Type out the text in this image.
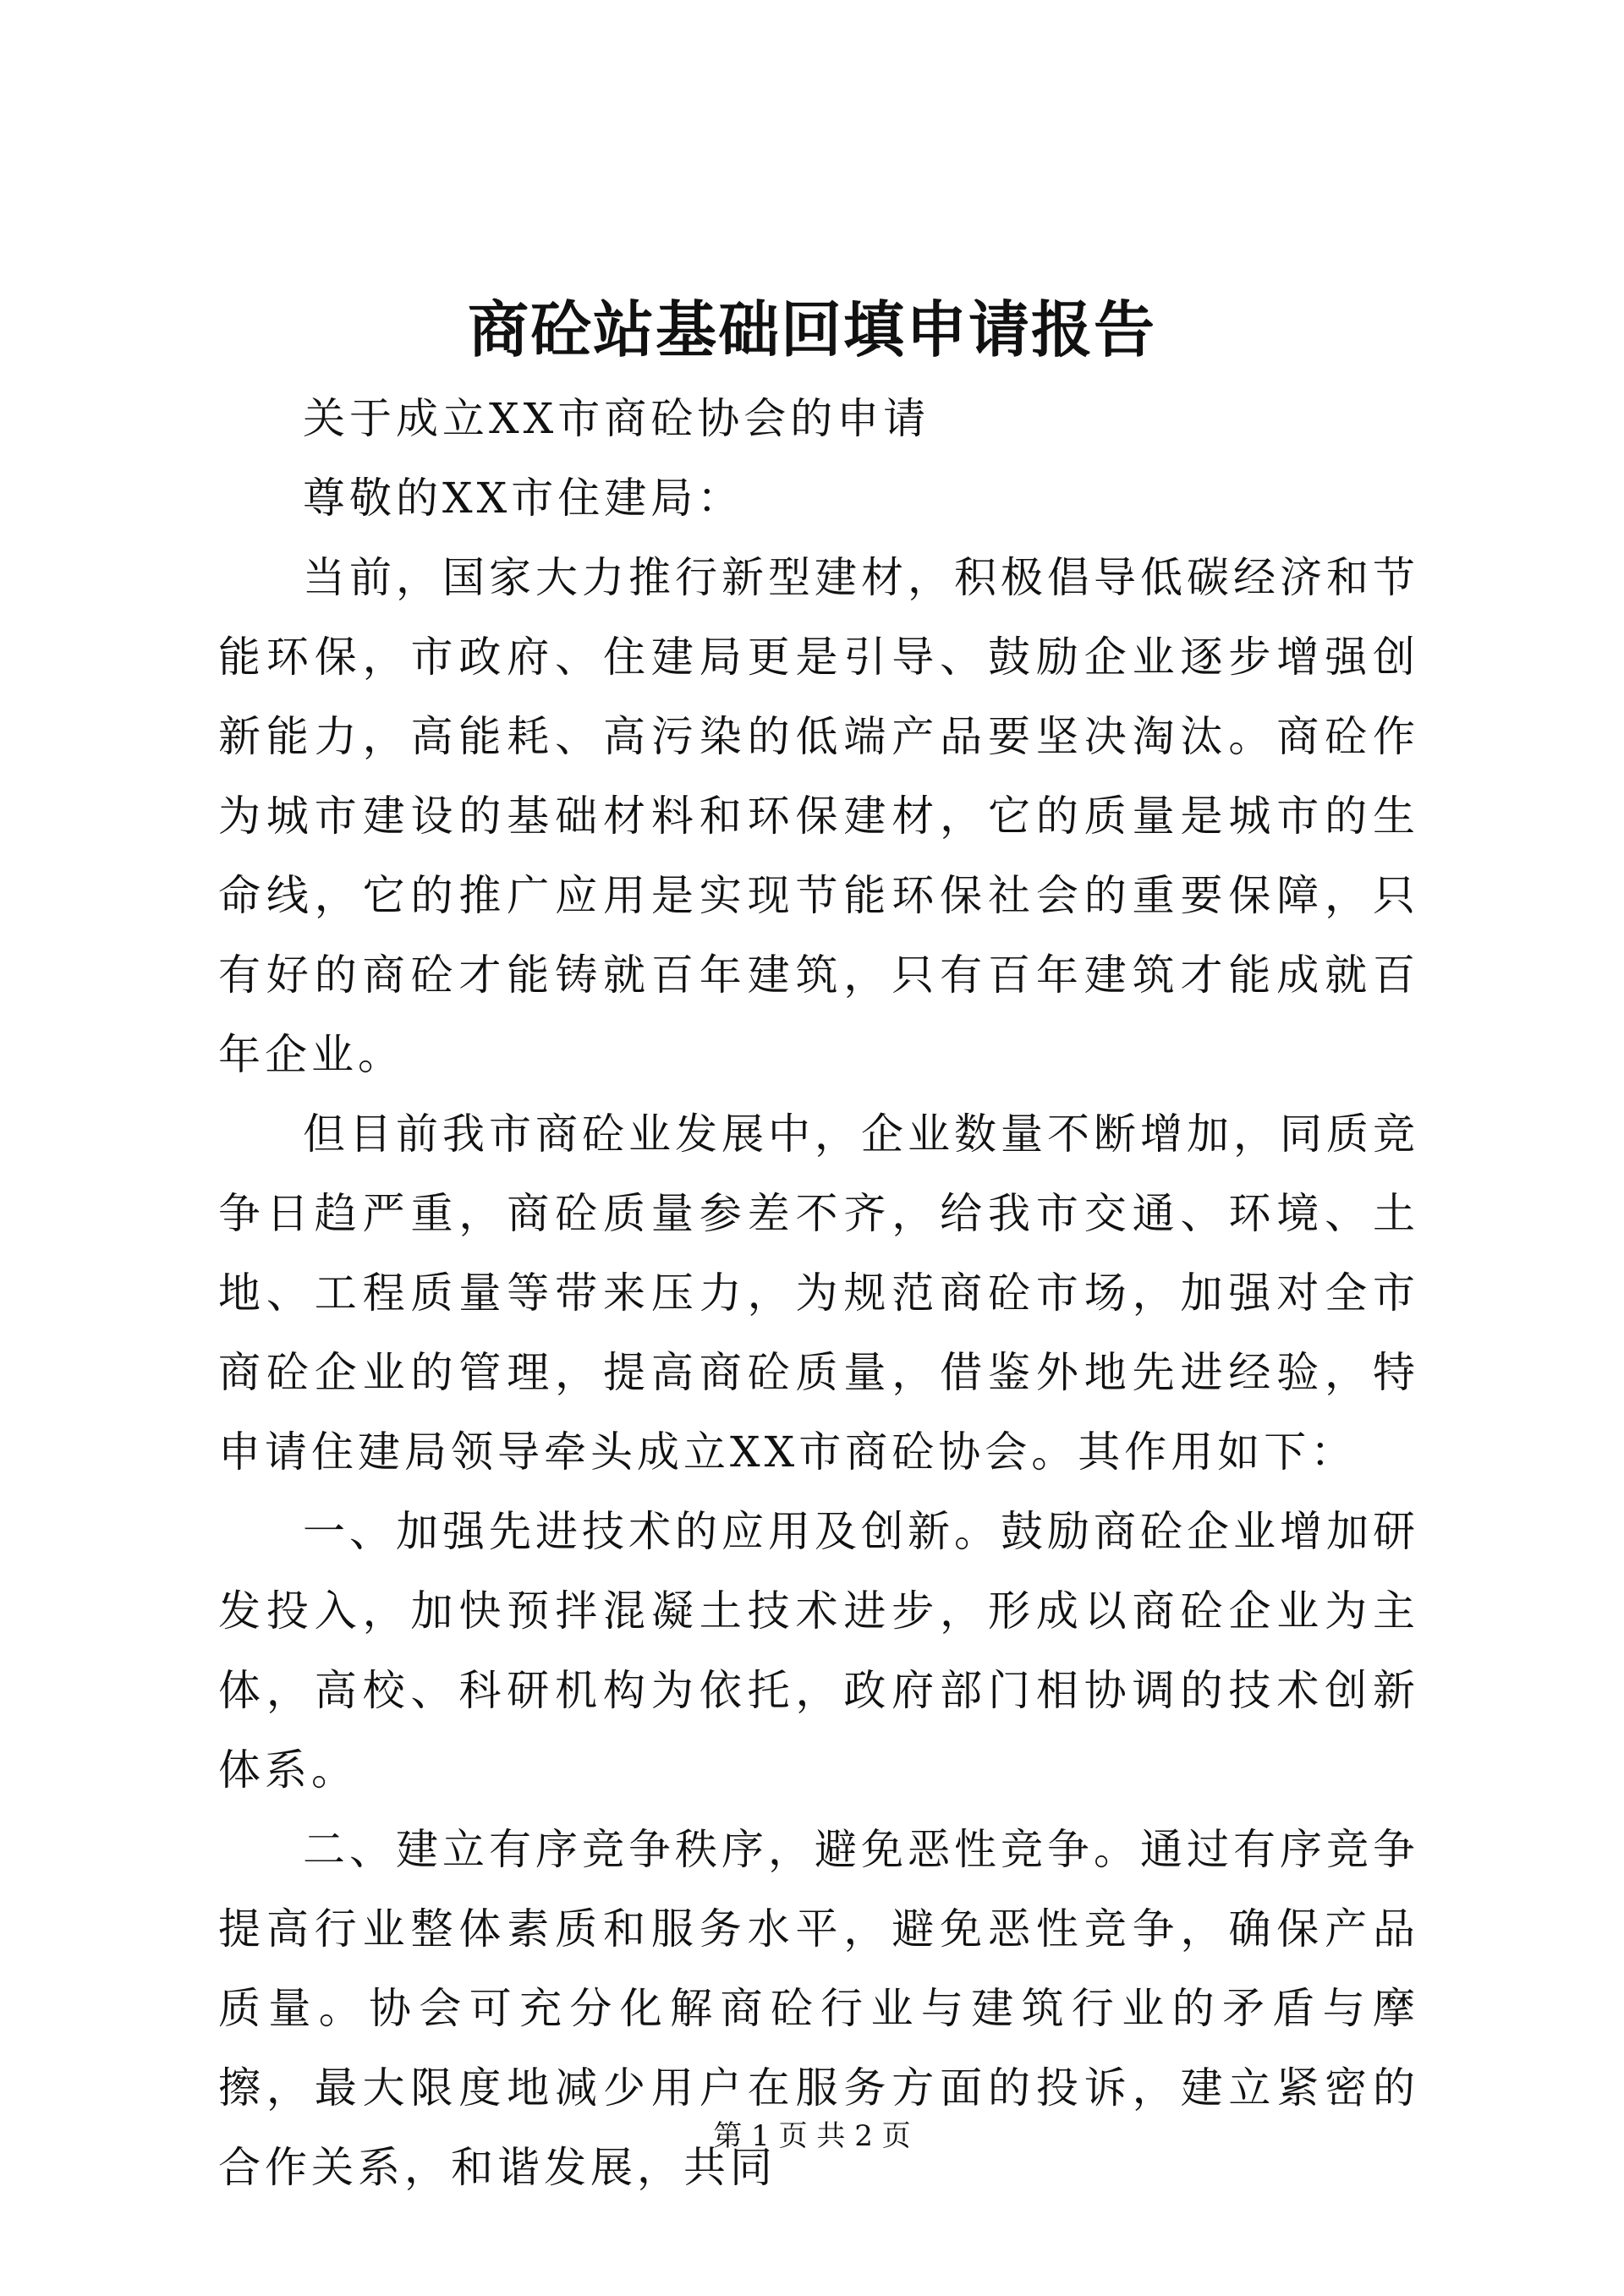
商砼站基础回填申请报告

关于成立XX市商砼协会的申请

尊敬的XX市住建局：

当前，国家大力推行新型建材，积极倡导低碳经济和节能环保，市政府、住建局更是引导、鼓励企业逐步增强创新能力，高能耗、高污染的低端产品要坚决淘汰。商砼作为城市建设的基础材料和环保建材，它的质量是城市的生命线，它的推广应用是实现节能环保社会的重要保障，只有好的商砼才能铸就百年建筑，只有百年建筑才能成就百年企业。

但目前我市商砼业发展中，企业数量不断增加，同质竞争日趋严重，商砼质量参差不齐，给我市交通、环境、土地、工程质量等带来压力，为规范商砼市场，加强对全市商砼企业的管理，提高商砼质量，借鉴外地先进经验，特申请住建局领导牵头成立XX市商砼协会。其作用如下：

一、加强先进技术的应用及创新。鼓励商砼企业增加研发投入，加快预拌混凝土技术进步，形成以商砼企业为主体，高校、科研机构为依托，政府部门相协调的技术创新体系。

二、建立有序竞争秩序，避免恶性竞争。通过有序竞争提高行业整体素质和服务水平，避免恶性竞争，确保产品质量。协会可充分化解商砼行业与建筑行业的矛盾与摩擦，最大限度地减少用户在服务方面的投诉，建立紧密的合作关系，和谐发展，共同

第 1 页 共 2 页
